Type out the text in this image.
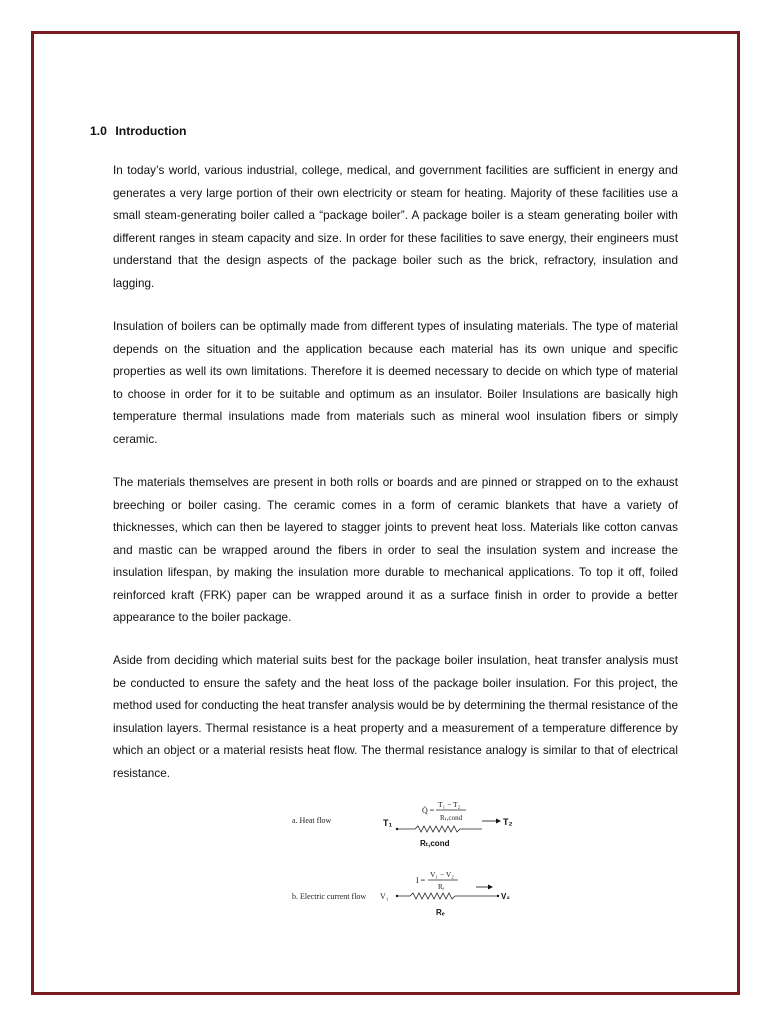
1.0 Introduction

In today’s world, various industrial, college, medical, and government facilities are sufficient in energy and generates a very large portion of their own electricity or steam for heating. Majority of these facilities use a small steam-generating boiler called a “package boiler”. A package boiler is a steam generating boiler with different ranges in steam capacity and size. In order for these facilities to save energy, their engineers must understand that the design aspects of the package boiler such as the brick, refractory, insulation and lagging.

Insulation of boilers can be optimally made from different types of insulating materials. The type of material depends on the situation and the application because each material has its own unique and specific properties as well its own limitations. Therefore it is deemed necessary to decide on which type of material to choose in order for it to be suitable and optimum as an insulator. Boiler Insulations are basically high temperature thermal insulations made from materials such as mineral wool insulation fibers or simply ceramic.

The materials themselves are present in both rolls or boards and are pinned or strapped on to the exhaust breeching or boiler casing. The ceramic comes in a form of ceramic blankets that have a variety of thicknesses, which can then be layered to stagger joints to prevent heat loss. Materials like cotton canvas and mastic can be wrapped around the fibers in order to seal the insulation system and increase the insulation lifespan, by making the insulation more durable to mechanical applications. To top it off, foiled reinforced kraft (FRK) paper can be wrapped around it as a surface finish in order to provide a better appearance to the boiler package.

Aside from deciding which material suits best for the package boiler insulation, heat transfer analysis must be conducted to ensure the safety and the heat loss of the package boiler insulation. For this project, the method used for conducting the heat transfer analysis would be by determining the thermal resistance of the insulation layers. Thermal resistance is a heat property and a measurement of a temperature difference by which an object or a material resists heat flow. The thermal resistance analogy is similar to that of electrical resistance.

a. Heat flow
Q̇ =
T₁ − T₂
Rₜ,cond
T₁	T₂
Rₜ,cond
I =
V₁ − V₂
Rₑ
b. Electric current flow V₁	V₂
Rₑ
